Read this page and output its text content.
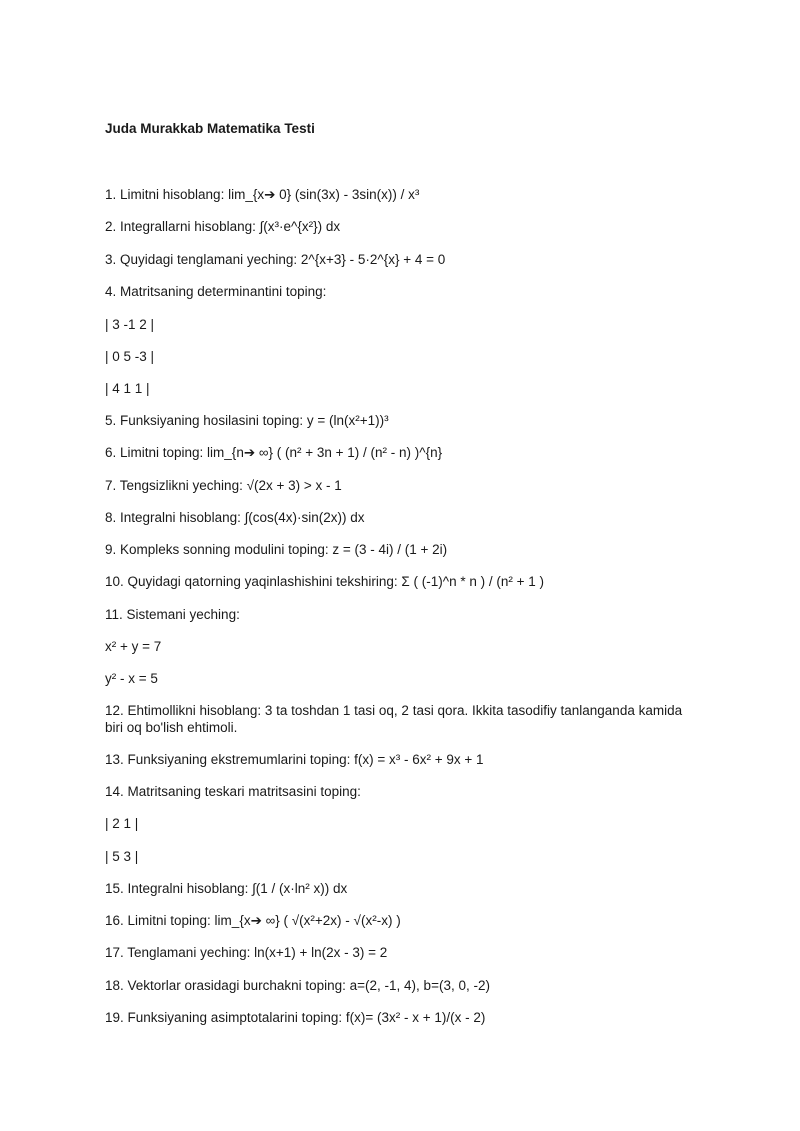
Juda Murakkab Matematika Testi
1. Limitni hisoblang: lim_{x➔ 0} (sin(3x) - 3sin(x)) / x³
2. Integrallarni hisoblang: ∫(x³·e^{x²}) dx
3. Quyidagi tenglamani yeching: 2^{x+3} - 5·2^{x} + 4 = 0
4. Matritsaning determinantini toping:
| 3 -1 2 |
| 0 5 -3 |
| 4 1 1 |
5. Funksiyaning hosilasini toping: y = (ln(x²+1))³
6. Limitni toping: lim_{n➔ ∞} ( (n² + 3n + 1) / (n² - n) )^{n}
7. Tengsizlikni yeching: √(2x + 3) > x - 1
8. Integralni hisoblang: ∫(cos(4x)·sin(2x)) dx
9. Kompleks sonning modulini toping: z = (3 - 4i) / (1 + 2i)
10. Quyidagi qatorning yaqinlashishini tekshiring: Σ ( (-1)^n * n ) / (n² + 1 )
11. Sistemani yeching:
x² + y = 7
y² - x = 5
12. Ehtimollikni hisoblang: 3 ta toshdan 1 tasi oq, 2 tasi qora. Ikkita tasodifiy tanlanganda kamida biri oq bo'lish ehtimoli.
13. Funksiyaning ekstremumlarini toping: f(x) = x³ - 6x² + 9x + 1
14. Matritsaning teskari matritsasini toping:
| 2 1 |
| 5 3 |
15. Integralni hisoblang: ∫(1 / (x·ln² x)) dx
16. Limitni toping: lim_{x➔ ∞} ( √(x²+2x) - √(x²-x) )
17. Tenglamani yeching: ln(x+1) + ln(2x - 3) = 2
18. Vektorlar orasidagi burchakni toping: a=(2, -1, 4), b=(3, 0, -2)
19. Funksiyaning asimptotalarini toping: f(x)= (3x² - x + 1)/(x - 2)
